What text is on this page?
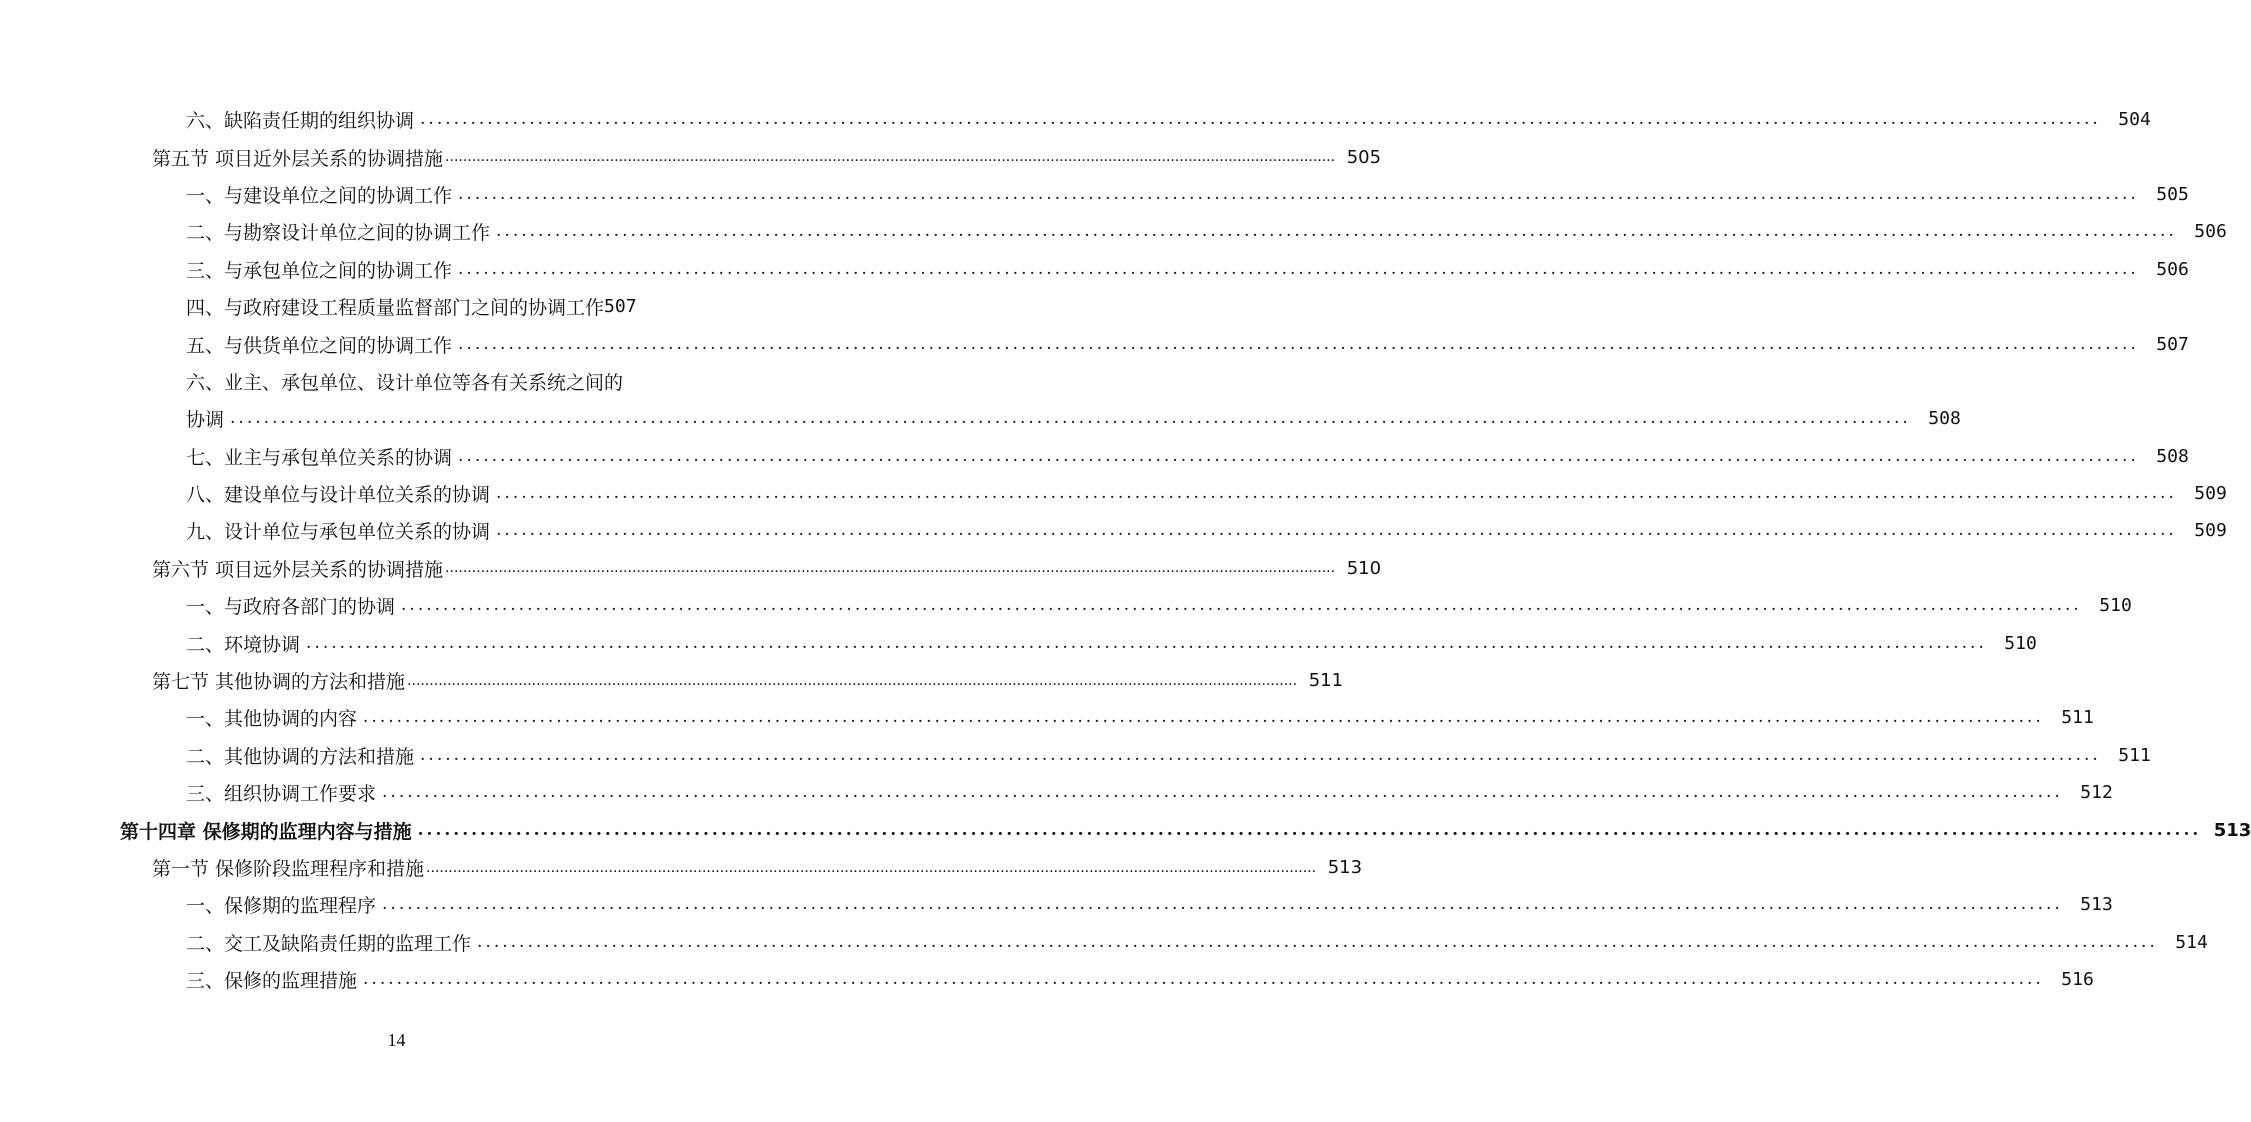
六、缺陷责任期的组织协调 ........................................................................................................................................................................................................ 504
第五节 项目近外层关系的协调措施 ........................................................................................................................................................................................................ 505
一、与建设单位之间的协调工作 ........................................................................................................................................................................................................ 505
二、与勘察设计单位之间的协调工作 ........................................................................................................................................................................................................ 506
三、与承包单位之间的协调工作 ........................................................................................................................................................................................................ 506
四、与政府建设工程质量监督部门之间的协调工作 507
五、与供货单位之间的协调工作 ........................................................................................................................................................................................................ 507
六、业主、承包单位、设计单位等各有关系统之间的
协调 ........................................................................................................................................................................................................ 508
七、业主与承包单位关系的协调 ........................................................................................................................................................................................................ 508
八、建设单位与设计单位关系的协调 ........................................................................................................................................................................................................ 509
九、设计单位与承包单位关系的协调 ........................................................................................................................................................................................................ 509
第六节 项目远外层关系的协调措施 ........................................................................................................................................................................................................ 510
一、与政府各部门的协调 ........................................................................................................................................................................................................ 510
二、环境协调 ........................................................................................................................................................................................................ 510
第七节 其他协调的方法和措施 ........................................................................................................................................................................................................ 511
一、其他协调的内容 ........................................................................................................................................................................................................ 511
二、其他协调的方法和措施 ........................................................................................................................................................................................................ 511
三、组织协调工作要求 ........................................................................................................................................................................................................ 512
第十四章 保修期的监理内容与措施 ........................................................................................................................................................................................................ 513
第一节 保修阶段监理程序和措施 ........................................................................................................................................................................................................ 513
一、保修期的监理程序 ........................................................................................................................................................................................................ 513
二、交工及缺陷责任期的监理工作 ........................................................................................................................................................................................................ 514
三、保修的监理措施 ........................................................................................................................................................................................................ 516
14
